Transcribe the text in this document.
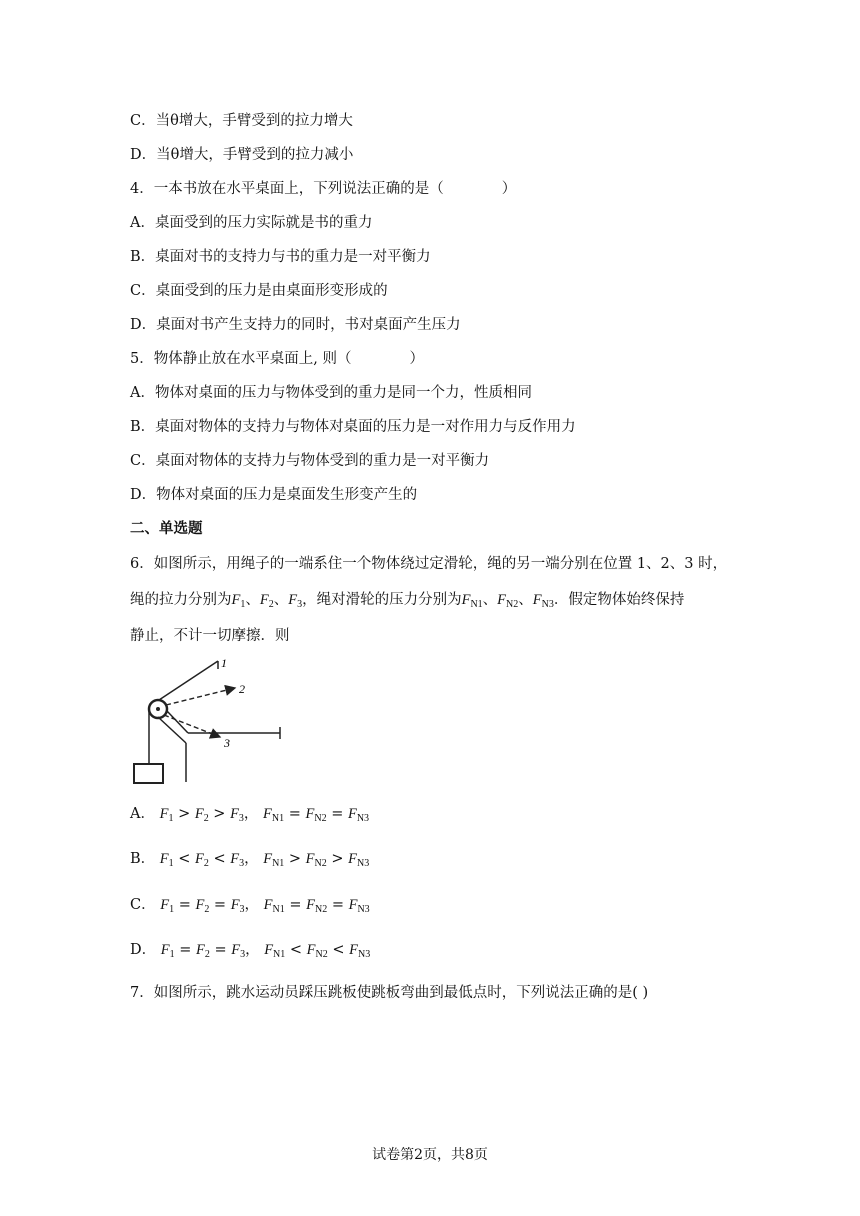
C．当θ增大，手臂受到的拉力增大
D．当θ增大，手臂受到的拉力减小
4．一本书放在水平桌面上，下列说法正确的是（　　　　）
A．桌面受到的压力实际就是书的重力
B．桌面对书的支持力与书的重力是一对平衡力
C．桌面受到的压力是由桌面形变形成的
D．桌面对书产生支持力的同时，书对桌面产生压力
5．物体静止放在水平桌面上, 则（　　　　）
A．物体对桌面的压力与物体受到的重力是同一个力，性质相同
B．桌面对物体的支持力与物体对桌面的压力是一对作用力与反作用力
C．桌面对物体的支持力与物体受到的重力是一对平衡力
D．物体对桌面的压力是桌面发生形变产生的
二、单选题
6．如图所示，用绳子的一端系住一个物体绕过定滑轮，绳的另一端分别在位置 1、2、3 时，
绳的拉力分别为$F_1$、$F_2$、$F_3$，绳对滑轮的压力分别为$F_{N1}$、$F_{N2}$、$F_{N3}$．假定物体始终保持
静止，不计一切摩擦．则
1
2
3
A． $F_1 > F_2 > F_3$， $F_{N1} = F_{N2} = F_{N3}$
B． $F_1 < F_2 < F_3$， $F_{N1} > F_{N2} > F_{N3}$
C． $F_1 = F_2 = F_3$， $F_{N1} = F_{N2} = F_{N3}$
D． $F_1 = F_2 = F_3$， $F_{N1} < F_{N2} < F_{N3}$
7．如图所示，跳水运动员踩压跳板使跳板弯曲到最低点时，下列说法正确的是( )
试卷第2页，共8页
